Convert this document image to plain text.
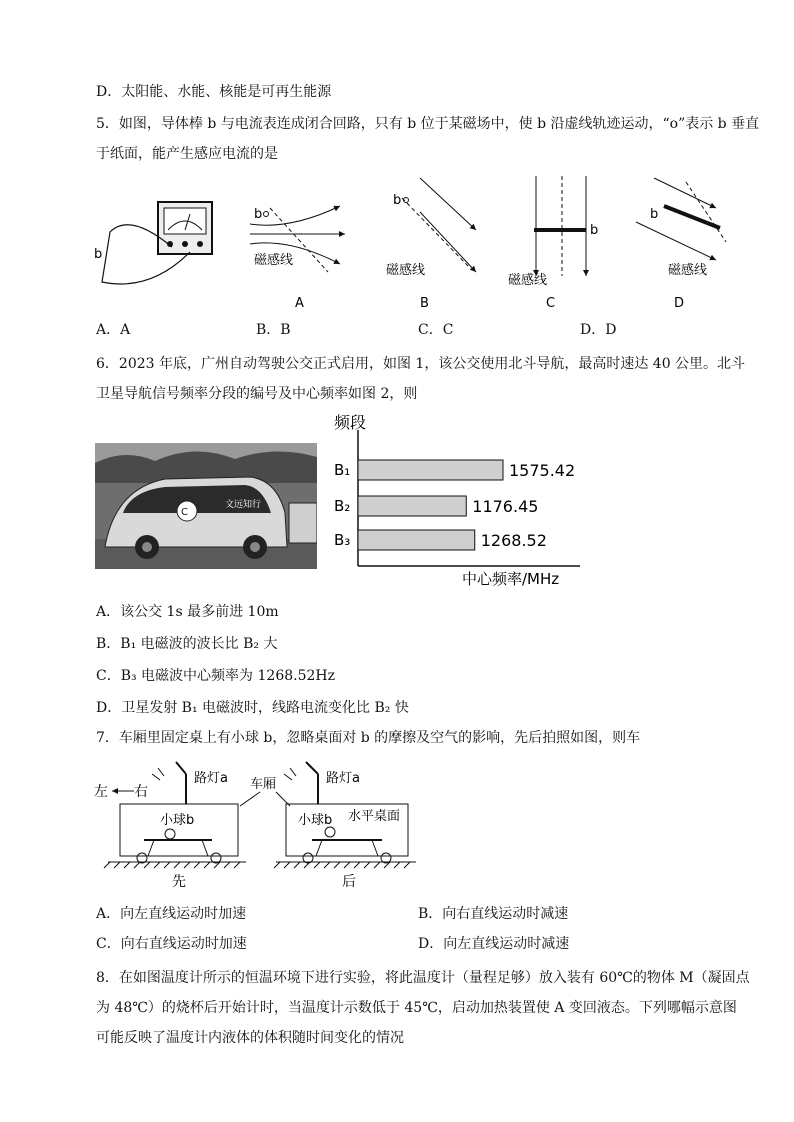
D．太阳能、水能、核能是可再生能源
5．如图，导体棒 b 与电流表连成闭合回路，只有 b 位于某磁场中，使 b 沿虚线轨迹运动，“o”表示 b 垂直
于纸面，能产生感应电流的是
b
b
磁感线
A
b
磁感线
B
b
磁感线
C
b
磁感线
D
A．A	B．B	C．C	D．D
6．2023 年底，广州自动驾驶公交正式启用，如图 1，该公交使用北斗导航，最高时速达 40 公里。北斗
卫星导航信号频率分段的编号及中心频率如图 2，则
C
文远知行
频段
B₁	1575.42
B₂	1176.45
B₃	1268.52
中心频率/MHz
A．该公交 1s 最多前进 10m
B．B₁ 电磁波的波长比 B₂ 大
C．B₃ 电磁波中心频率为 1268.52Hz
D．卫星发射 B₁ 电磁波时，线路电流变化比 B₂ 快
7．车厢里固定桌上有小球 b，忽略桌面对 b 的摩擦及空气的影响，先后拍照如图，则车
左 右	车厢
路灯a
小球b
先
路灯a
小球b 水平桌面
后
A．向左直线运动时加速	B．向右直线运动时减速
C．向右直线运动时加速	D．向左直线运动时减速
8．在如图温度计所示的恒温环境下进行实验，将此温度计（量程足够）放入装有 60℃的物体 M（凝固点
为 48℃）的烧杯后开始计时，当温度计示数低于 45℃，启动加热装置使 A 变回液态。下列哪幅示意图
可能反映了温度计内液体的体积随时间变化的情况
